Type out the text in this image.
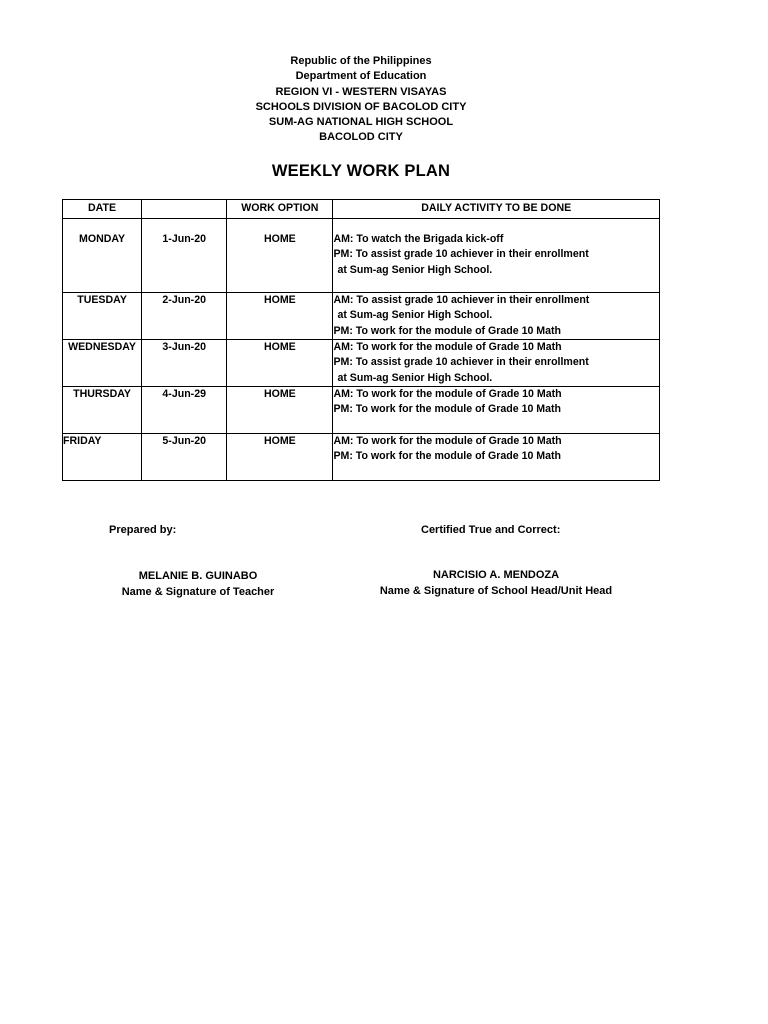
Republic of the Philippines
Department of Education
REGION VI - WESTERN VISAYAS
SCHOOLS DIVISION OF BACOLOD CITY
SUM-AG NATIONAL HIGH SCHOOL
BACOLOD CITY
WEEKLY WORK PLAN
DATE		WORK OPTION	DAILY ACTIVITY TO BE DONE
MONDAY	1-Jun-20	HOME	AM: To watch the Brigada kick-off
PM: To assist grade 10 achiever in their enrollment
at Sum-ag Senior High School.

TUESDAY	2-Jun-20	HOME	AM: To assist grade 10 achiever in their enrollment
at Sum-ag Senior High School.
PM: To work for the module of Grade 10 Math

WEDNESDAY	3-Jun-20	HOME	AM: To work for the module of Grade 10 Math
PM: To assist grade 10 achiever in their enrollment
at Sum-ag Senior High School.

THURSDAY	4-Jun-29	HOME	AM: To work for the module of Grade 10 Math
PM: To work for the module of Grade 10 Math

FRIDAY	5-Jun-20	HOME	AM: To work for the module of Grade 10 Math
PM: To work for the module of Grade 10 Math
Prepared by:	Certified True and Correct:
MELANIE B. GUINABO
Name & Signature of Teacher
NARCISIO A. MENDOZA
Name & Signature of School Head/Unit Head
